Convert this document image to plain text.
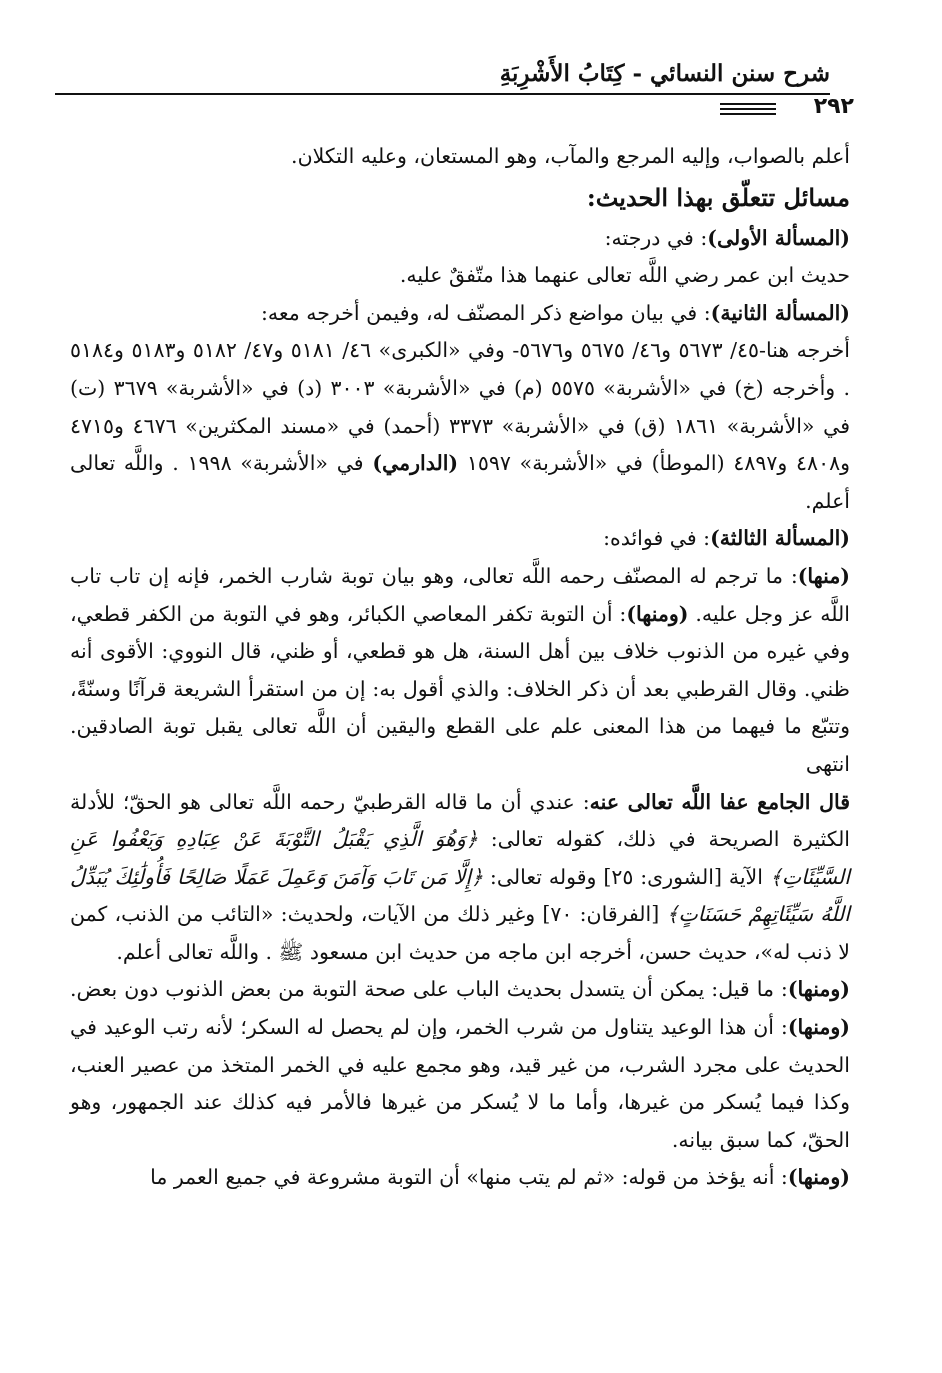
شرح سنن النسائي - كِتَابُ الأَشْرِبَةِ
٢٩٢

أعلم بالصواب، وإليه المرجع والمآب، وهو المستعان، وعليه التكلان.

مسائل تتعلّق بهذا الحديث:

(المسألة الأولى): في درجته:

حديث ابن عمر رضي اللَّه تعالى عنهما هذا متّفقٌ عليه.

(المسألة الثانية): في بيان مواضع ذكر المصنّف له، وفيمن أخرجه معه:

أخرجه هنا-٤٥/ ٥٦٧٣ و٤٦/ ٥٦٧٥ و٥٦٧٦- وفي «الكبرى» ٤٦/ ٥١٨١ و٤٧/ ٥١٨٢ و٥١٨٣ و٥١٨٤ . وأخرجه (خ) في «الأشربة» ٥٥٧٥ (م) في «الأشربة» ٣٠٠٣ (د) في «الأشربة» ٣٦٧٩ (ت) في «الأشربة» ١٨٦١ (ق) في «الأشربة» ٣٣٧٣ (أحمد) في «مسند المكثرين» ٤٦٧٦ و٤٧١٥ و٤٨٠٨ و٤٨٩٧ (الموطأ) في «الأشربة» ١٥٩٧ (الدارمي) في «الأشربة» ١٩٩٨ . واللَّه تعالى أعلم.

(المسألة الثالثة): في فوائده:

(منها): ما ترجم له المصنّف رحمه اللَّه تعالى، وهو بيان توبة شارب الخمر، فإنه إن تاب تاب اللَّه عز وجل عليه. (ومنها): أن التوبة تكفر المعاصي الكبائر، وهو في التوبة من الكفر قطعي، وفي غيره من الذنوب خلاف بين أهل السنة، هل هو قطعي، أو ظني، قال النووي: الأقوى أنه ظني. وقال القرطبي بعد أن ذكر الخلاف: والذي أقول به: إن من استقرأ الشريعة قرآنًا وسنّةً، وتتبّع ما فيهما من هذا المعنى علم على القطع واليقين أن اللَّه تعالى يقبل توبة الصادقين. انتهى

قال الجامع عفا اللَّه تعالى عنه: عندي أن ما قاله القرطبيّ رحمه اللَّه تعالى هو الحقّ؛ للأدلة الكثيرة الصريحة في ذلك، كقوله تعالى: ﴿وَهُوَ الَّذِي يَقْبَلُ التَّوْبَةَ عَنْ عِبَادِهِ وَيَعْفُوا عَنِ السَّيِّئَاتِ﴾ الآية [الشورى: ٢٥] وقوله تعالى: ﴿إِلَّا مَن تَابَ وَآمَنَ وَعَمِلَ عَمَلًا صَالِحًا فَأُولَٰئِكَ يُبَدِّلُ اللَّهُ سَيِّئَاتِهِمْ حَسَنَاتٍ﴾ [الفرقان: ٧٠] وغير ذلك من الآيات، ولحديث: «التائب من الذنب، كمن لا ذنب له»، حديث حسن، أخرجه ابن ماجه من حديث ابن مسعود ﷺ . واللَّه تعالى أعلم.

(ومنها): ما قيل: يمكن أن يتسدل بحديث الباب على صحة التوبة من بعض الذنوب دون بعض. (ومنها): أن هذا الوعيد يتناول من شرب الخمر، وإن لم يحصل له السكر؛ لأنه رتب الوعيد في الحديث على مجرد الشرب، من غير قيد، وهو مجمع عليه في الخمر المتخذ من عصير العنب، وكذا فيما يُسكر من غيرها، وأما ما لا يُسكر من غيرها فالأمر فيه كذلك عند الجمهور، وهو الحقّ، كما سبق بيانه.

(ومنها): أنه يؤخذ من قوله: «ثم لم يتب منها» أن التوبة مشروعة في جميع العمر ما
